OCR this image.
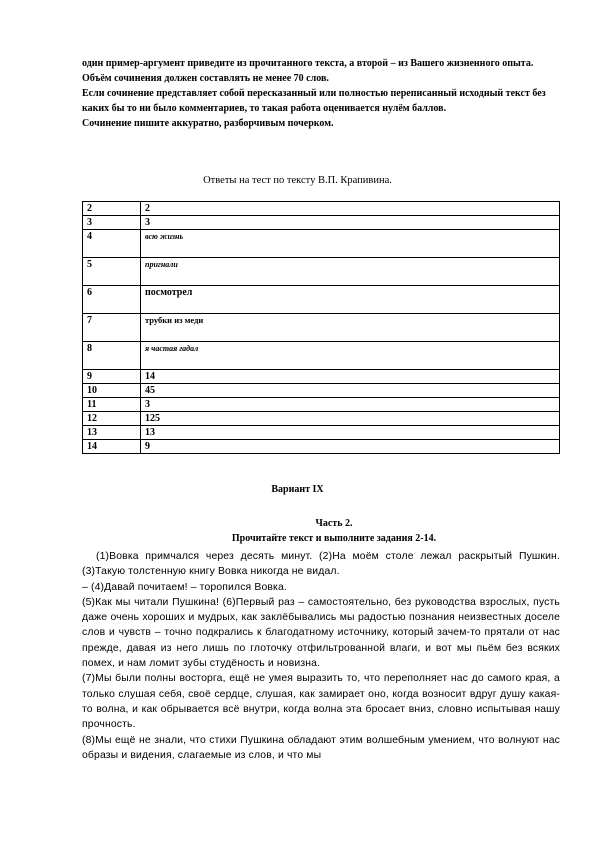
один пример-аргумент приведите из прочитанного текста, а второй – из Вашего жизненного опыта.

Объём сочинения должен составлять не менее 70 слов.

Если сочинение представляет собой пересказанный или полностью переписанный исходный текст без каких бы то ни было комментариев, то такая работа оценивается нулём баллов.

Сочинение пишите аккуратно, разборчивым почерком.

Ответы на тест по тексту В.П. Крапивина.
2	2
3	3
4	всю жизнь
5	пригнали
6	посмотрел
7	трубки из меди
8	я частая гадал
9	14
10	45
11	3
12	125
13	13
14	9
Вариант IX
Часть 2.
Прочитайте текст и выполните задания 2-14.

(1)Вовка примчался через десять минут. (2)На моём столе лежал раскрытый Пушкин. (3)Такую толстенную книгу Вовка никогда не видал.

– (4)Давай почитаем! – торопился Вовка.

(5)Как мы читали Пушкина! (6)Первый раз – самостоятельно, без руководства взрослых, пусть даже очень хороших и мудрых, как заклёбывались мы радостью познания неизвестных доселе слов и чувств – точно подкрались к благодатному источнику, который зачем-то прятали от нас прежде, давая из него лишь по глоточку отфильтрованной влаги, и вот мы пьём без всяких помех, и нам ломит зубы студёность и новизна.

(7)Мы были полны восторга, ещё не умея выразить то, что переполняет нас до самого края, а только слушая себя, своё сердце, слушая, как замирает оно, когда возносит вдруг душу какая-то волна, и как обрывается всё внутри, когда волна эта бросает вниз, словно испытывая нашу прочность.

(8)Мы ещё не знали, что стихи Пушкина обладают этим волшебным умением, что волнуют нас образы и видения, слагаемые из слов, и что мы
